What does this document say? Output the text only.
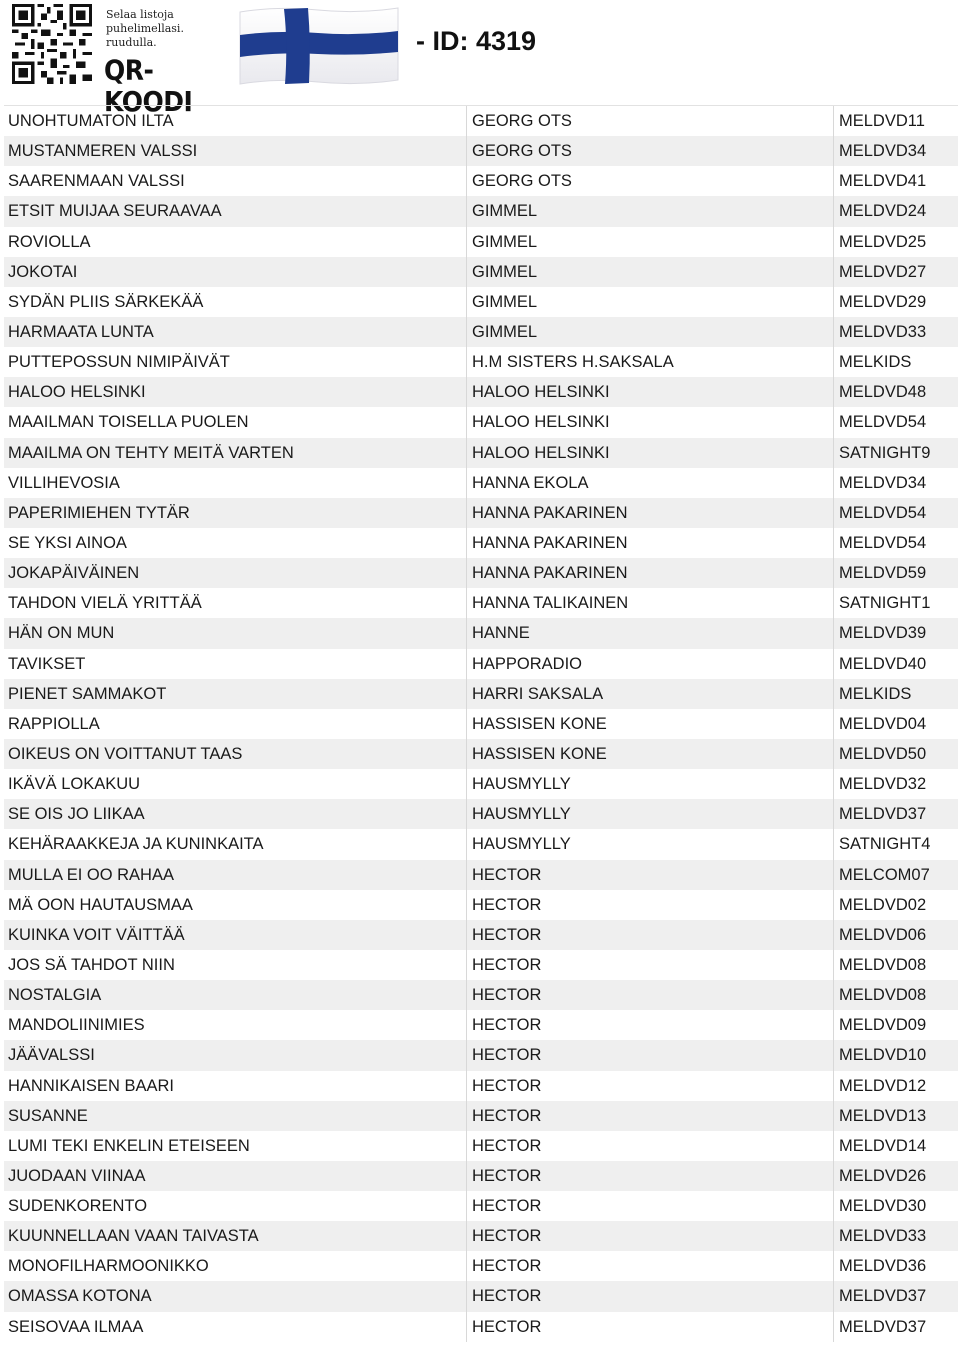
Selaa listoja
puhelimellasi.
ruudulla.
QR-KOODI
- ID: 4319
UNOHTUMATON ILTA	GEORG OTS	MELDVD11
MUSTANMEREN VALSSI	GEORG OTS	MELDVD34
SAARENMAAN VALSSI	GEORG OTS	MELDVD41
ETSIT MUIJAA SEURAAVAA	GIMMEL	MELDVD24
ROVIOLLA	GIMMEL	MELDVD25
JOKOTAI	GIMMEL	MELDVD27
SYDÄN PLIIS SÄRKEKÄÄ	GIMMEL	MELDVD29
HARMAATA LUNTA	GIMMEL	MELDVD33
PUTTEPOSSUN NIMIPÄIVÄT	H.M SISTERS H.SAKSALA	MELKIDS
HALOO HELSINKI	HALOO HELSINKI	MELDVD48
MAAILMAN TOISELLA PUOLEN	HALOO HELSINKI	MELDVD54
MAAILMA ON TEHTY MEITÄ VARTEN	HALOO HELSINKI	SATNIGHT9
VILLIHEVOSIA	HANNA EKOLA	MELDVD34
PAPERIMIEHEN TYTÄR	HANNA PAKARINEN	MELDVD54
SE YKSI AINOA	HANNA PAKARINEN	MELDVD54
JOKAPÄIVÄINEN	HANNA PAKARINEN	MELDVD59
TAHDON VIELÄ YRITTÄÄ	HANNA TALIKAINEN	SATNIGHT1
HÄN ON MUN	HANNE	MELDVD39
TAVIKSET	HAPPORADIO	MELDVD40
PIENET SAMMAKOT	HARRI SAKSALA	MELKIDS
RAPPIOLLA	HASSISEN KONE	MELDVD04
OIKEUS ON VOITTANUT TAAS	HASSISEN KONE	MELDVD50
IKÄVÄ LOKAKUU	HAUSMYLLY	MELDVD32
SE OIS JO LIIKAA	HAUSMYLLY	MELDVD37
KEHÄRAAKKEJA JA KUNINKAITA	HAUSMYLLY	SATNIGHT4
MULLA EI OO RAHAA	HECTOR	MELCOM07
MÄ OON HAUTAUSMAA	HECTOR	MELDVD02
KUINKA VOIT VÄITTÄÄ	HECTOR	MELDVD06
JOS SÄ TAHDOT NIIN	HECTOR	MELDVD08
NOSTALGIA	HECTOR	MELDVD08
MANDOLIINIMIES	HECTOR	MELDVD09
JÄÄVALSSI	HECTOR	MELDVD10
HANNIKAISEN BAARI	HECTOR	MELDVD12
SUSANNE	HECTOR	MELDVD13
LUMI TEKI ENKELIN ETEISEEN	HECTOR	MELDVD14
JUODAAN VIINAA	HECTOR	MELDVD26
SUDENKORENTO	HECTOR	MELDVD30
KUUNNELLAAN VAAN TAIVASTA	HECTOR	MELDVD33
MONOFILHARMOONIKKO	HECTOR	MELDVD36
OMASSA KOTONA	HECTOR	MELDVD37
SEISOVAA ILMAA	HECTOR	MELDVD37
